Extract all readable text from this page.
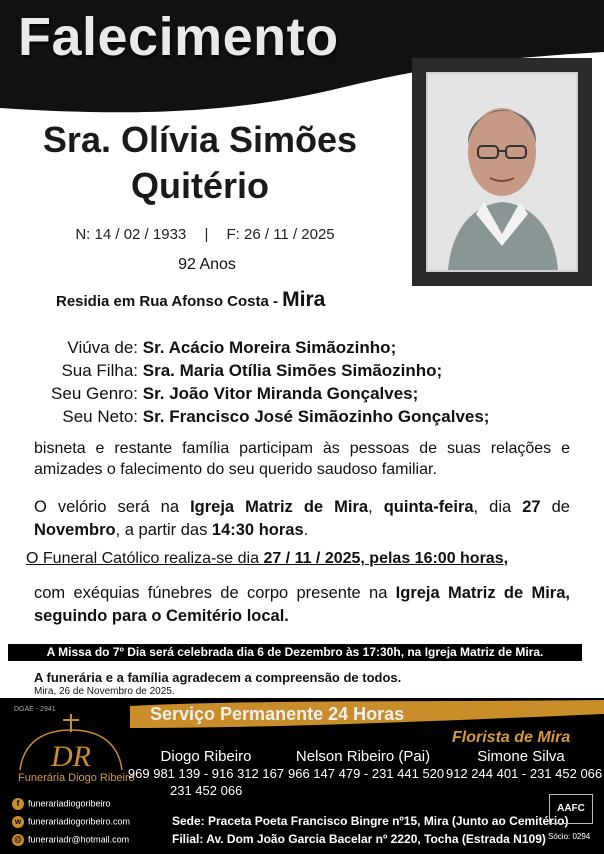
Falecimento
Sra. Olívia Simões
Quitério
N: 14 / 02 / 1933 | F: 26 / 11 / 2025
92 Anos
Residia em Rua Afonso Costa - Mira
Viúva de: Sr. Acácio Moreira Simãozinho;
Sua Filha: Sra. Maria Otília Simões Simãozinho;
Seu Genro: Sr. João Vitor Miranda Gonçalves;
Seu Neto: Sr. Francisco José Simãozinho Gonçalves;
bisneta e restante família participam às pessoas de suas relações e amizades o falecimento do seu querido saudoso familiar.
O velório será na Igreja Matriz de Mira, quinta-feira, dia 27 de Novembro, a partir das 14:30 horas.
O Funeral Católico realiza-se dia 27 / 11 / 2025, pelas 16:00 horas,
com exéquias fúnebres de corpo presente na Igreja Matriz de Mira, seguindo para o Cemitério local.
A Missa do 7º Dia será celebrada dia 6 de Dezembro às 17:30h, na Igreja Matriz de Mira.
A funerária e a família agradecem a compreensão de todos.
Mira, 26 de Novembro de 2025.
DGAE - 2941	Serviço Permanente 24 Horas
DR
Funerária Diogo Ribeiro
Florista de Mira
Diogo Ribeiro
969 981 139 - 916 312 167
231 452 066
Nelson Ribeiro (Pai)
966 147 479 - 231 441 520
Simone Silva
912 244 401 - 231 452 066
f funerariadiogoribeiro
w funerariadiogoribeiro.com
@ funerariadr@hotmail.com
Sede: Praceta Poeta Francisco Bingre nº15, Mira (Junto ao Cemitério)
Filial: Av. Dom João Garcia Bacelar nº 2220, Tocha (Estrada N109)
AAFC
Sócio: 0294
